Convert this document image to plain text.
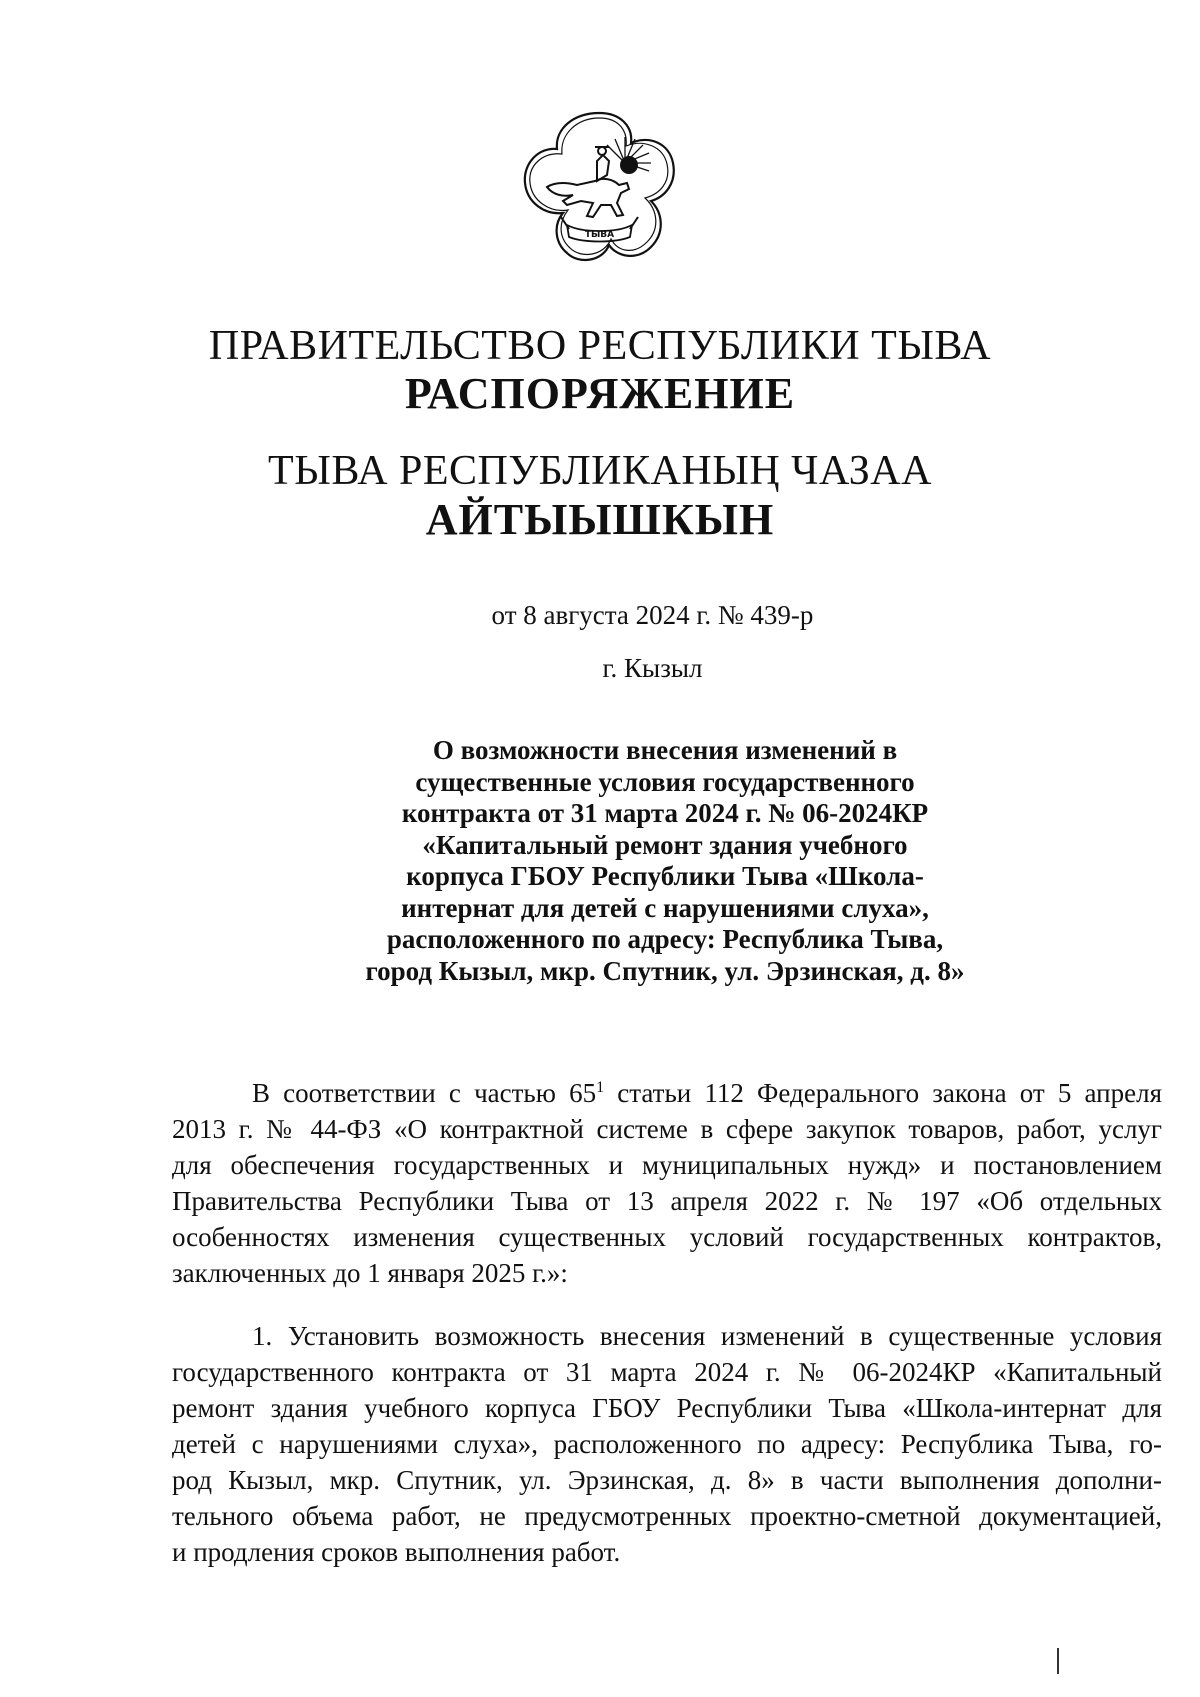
ТЫВА
ПРАВИТЕЛЬСТВО РЕСПУБЛИКИ ТЫВА
РАСПОРЯЖЕНИЕ
ТЫВА РЕСПУБЛИКАНЫҢ ЧАЗАА
АЙТЫЫШКЫН
от 8 августа 2024 г. № 439-р
г. Кызыл
О возможности внесения изменений в
существенные условия государственного
контракта от 31 марта 2024 г. № 06-2024КР
«Капитальный ремонт здания учебного
корпуса ГБОУ Республики Тыва «Школа-
интернат для детей с нарушениями слуха»,
расположенного по адресу: Республика Тыва,
город Кызыл, мкр. Спутник, ул. Эрзинская, д. 8»
В соответствии с частью $65^1$ статьи 112 Федерального закона от 5 апреля
2013 г. № 44-ФЗ «О контрактной системе в сфере закупок товаров, работ, услуг
для обеспечения государственных и муниципальных нужд» и постановлением
Правительства Республики Тыва от 13 апреля 2022 г. № 197 «Об отдельных
особенностях изменения существенных условий государственных контрактов,
заключенных до 1 января 2025 г.»:
1. Установить возможность внесения изменений в существенные условия
государственного контракта от 31 марта 2024 г. № 06-2024КР «Капитальный
ремонт здания учебного корпуса ГБОУ Республики Тыва «Школа-интернат для
детей с нарушениями слуха», расположенного по адресу: Республика Тыва, го-
род Кызыл, мкр. Спутник, ул. Эрзинская, д. 8» в части выполнения дополни-
тельного объема работ, не предусмотренных проектно-сметной документацией,
и продления сроков выполнения работ.
